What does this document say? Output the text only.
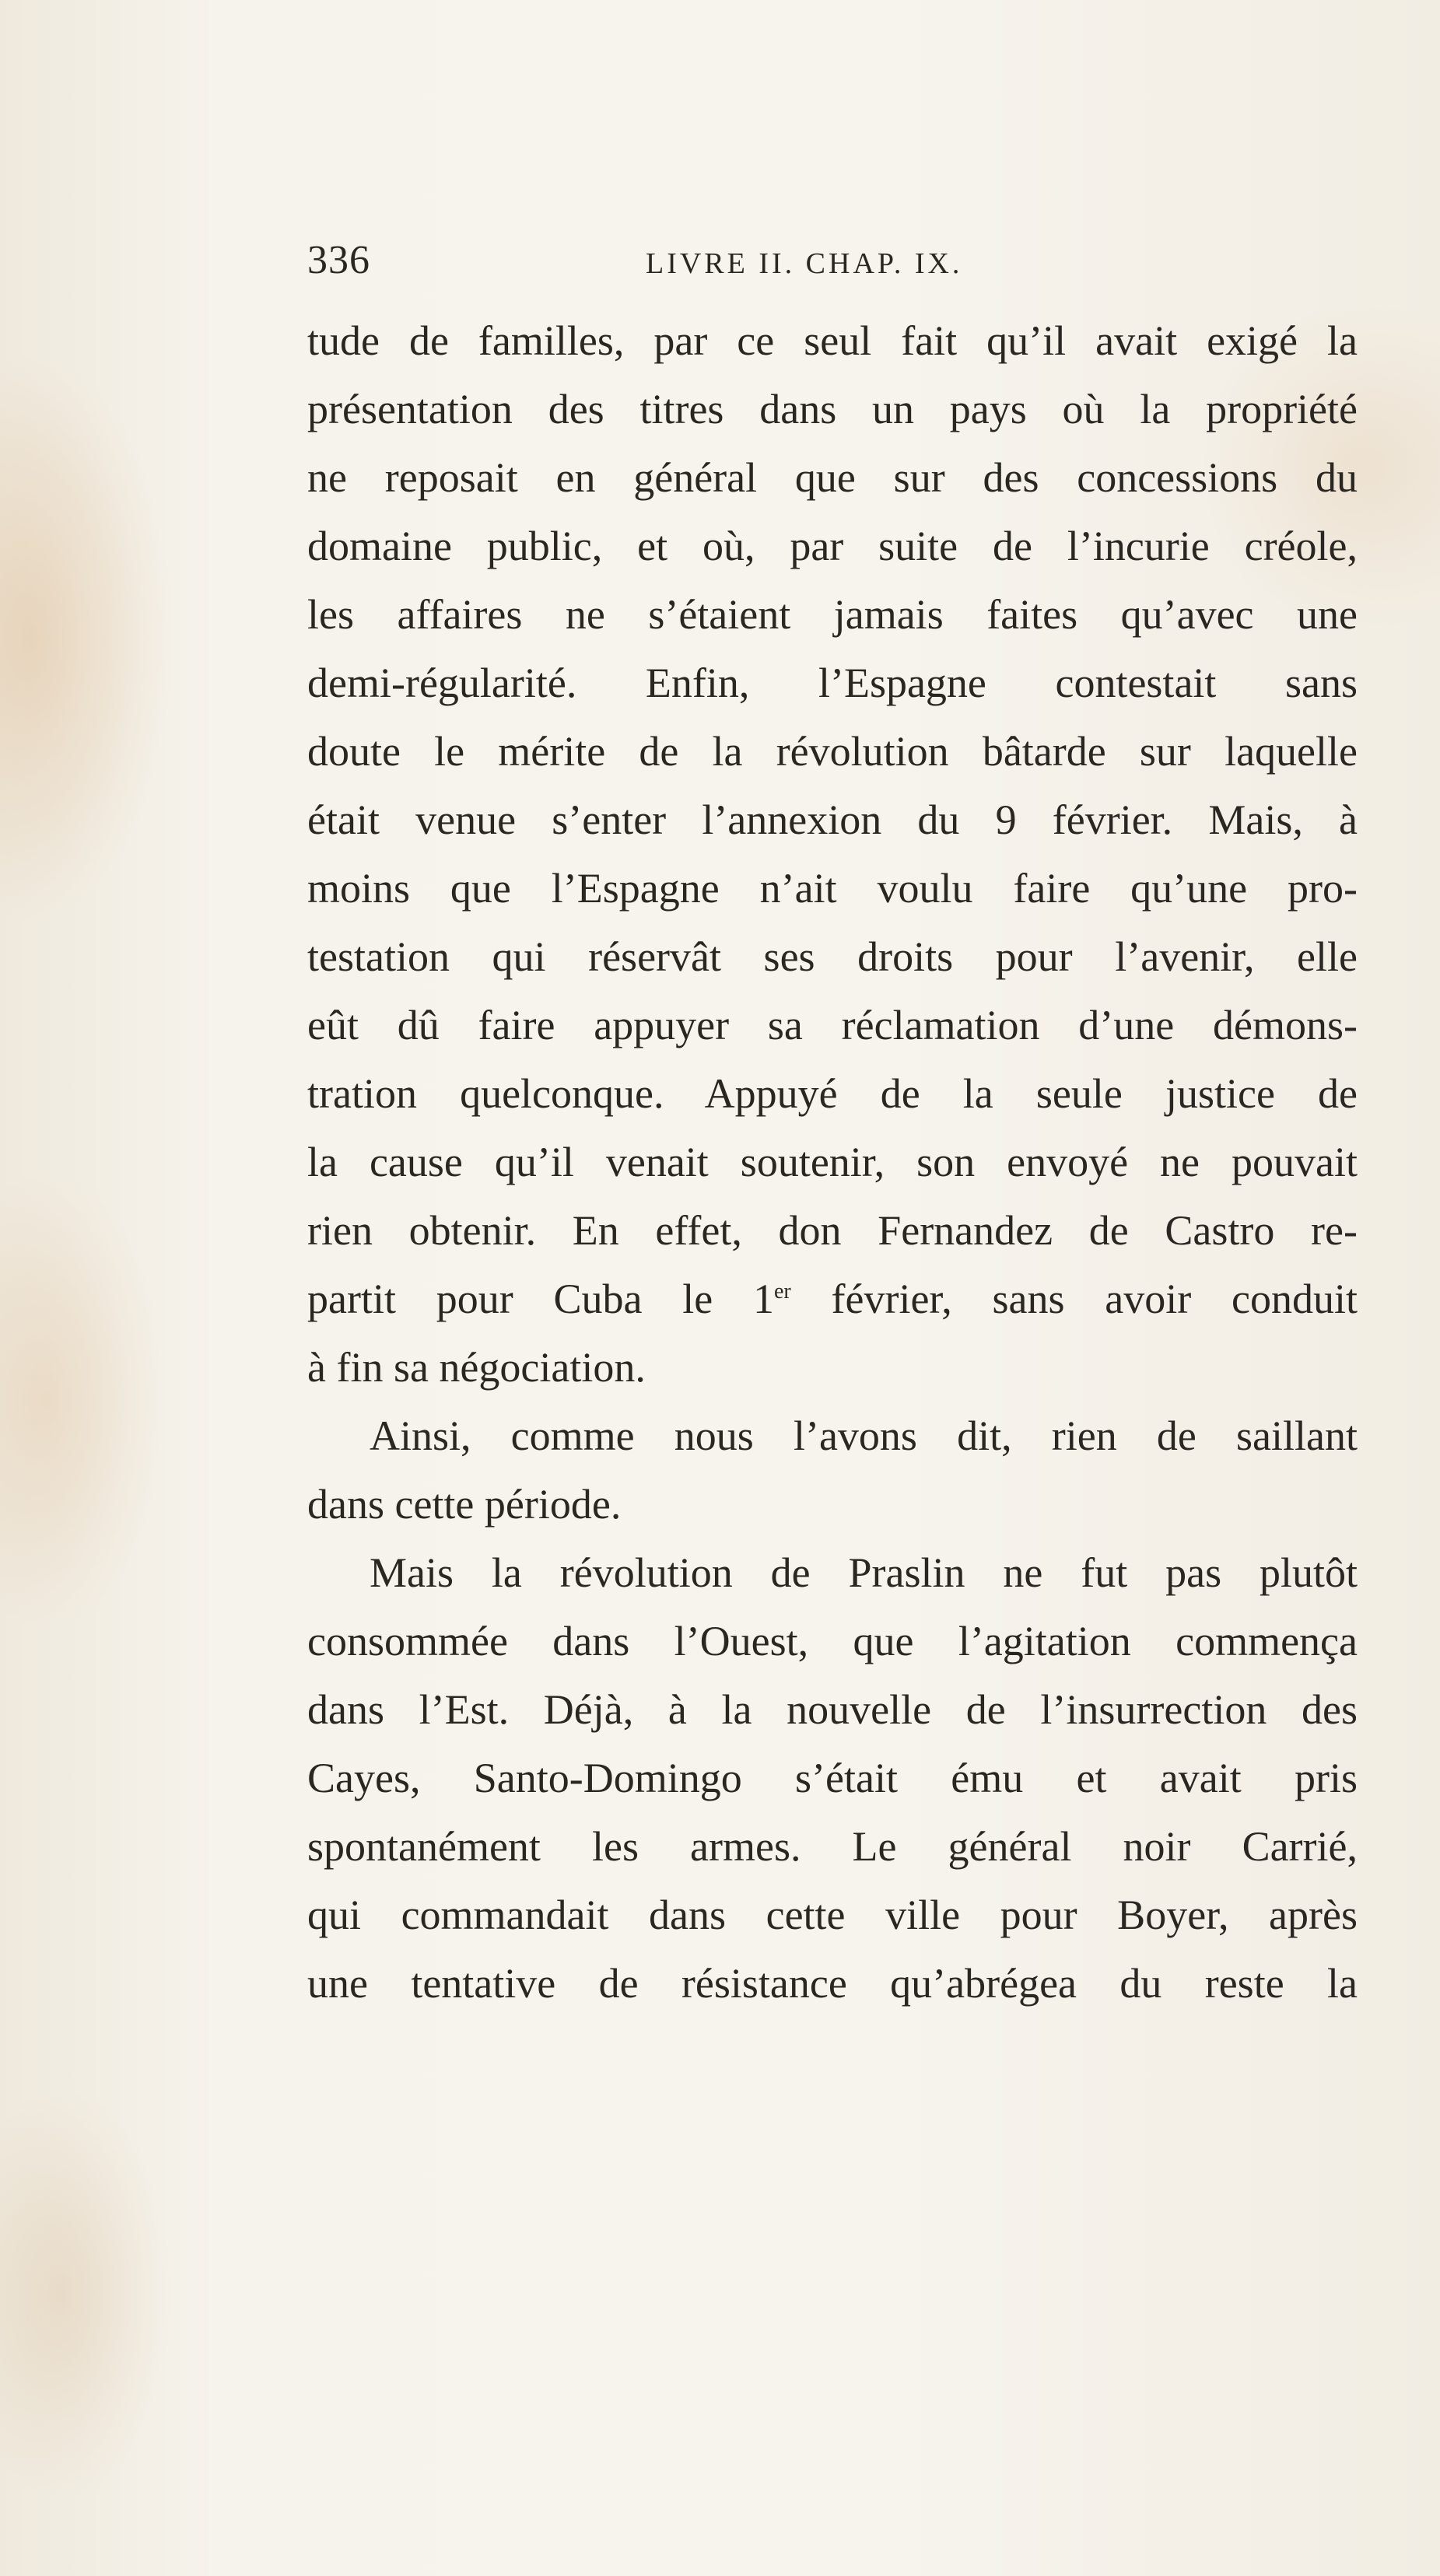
336	LIVRE II. CHAP. IX.
tude de familles, par ce seul fait qu’il avait exigé la
présentation des titres dans un pays où la propriété
ne reposait en général que sur des concessions du
domaine public, et où, par suite de l’incurie créole,
les affaires ne s’étaient jamais faites qu’avec une
demi-régularité. Enfin, l’Espagne contestait sans
doute le mérite de la révolution bâtarde sur laquelle
était venue s’enter l’annexion du 9 février. Mais, à
moins que l’Espagne n’ait voulu faire qu’une pro-
testation qui réservât ses droits pour l’avenir, elle
eût dû faire appuyer sa réclamation d’une démons-
tration quelconque. Appuyé de la seule justice de
la cause qu’il venait soutenir, son envoyé ne pouvait
rien obtenir. En effet, don Fernandez de Castro re-
partit pour Cuba le 1er février, sans avoir conduit
à fin sa négociation.
Ainsi, comme nous l’avons dit, rien de saillant
dans cette période.
Mais la révolution de Praslin ne fut pas plutôt
consommée dans l’Ouest, que l’agitation commença
dans l’Est. Déjà, à la nouvelle de l’insurrection des
Cayes, Santo-Domingo s’était ému et avait pris
spontanément les armes. Le général noir Carrié,
qui commandait dans cette ville pour Boyer, après
une tentative de résistance qu’abrégea du reste la
